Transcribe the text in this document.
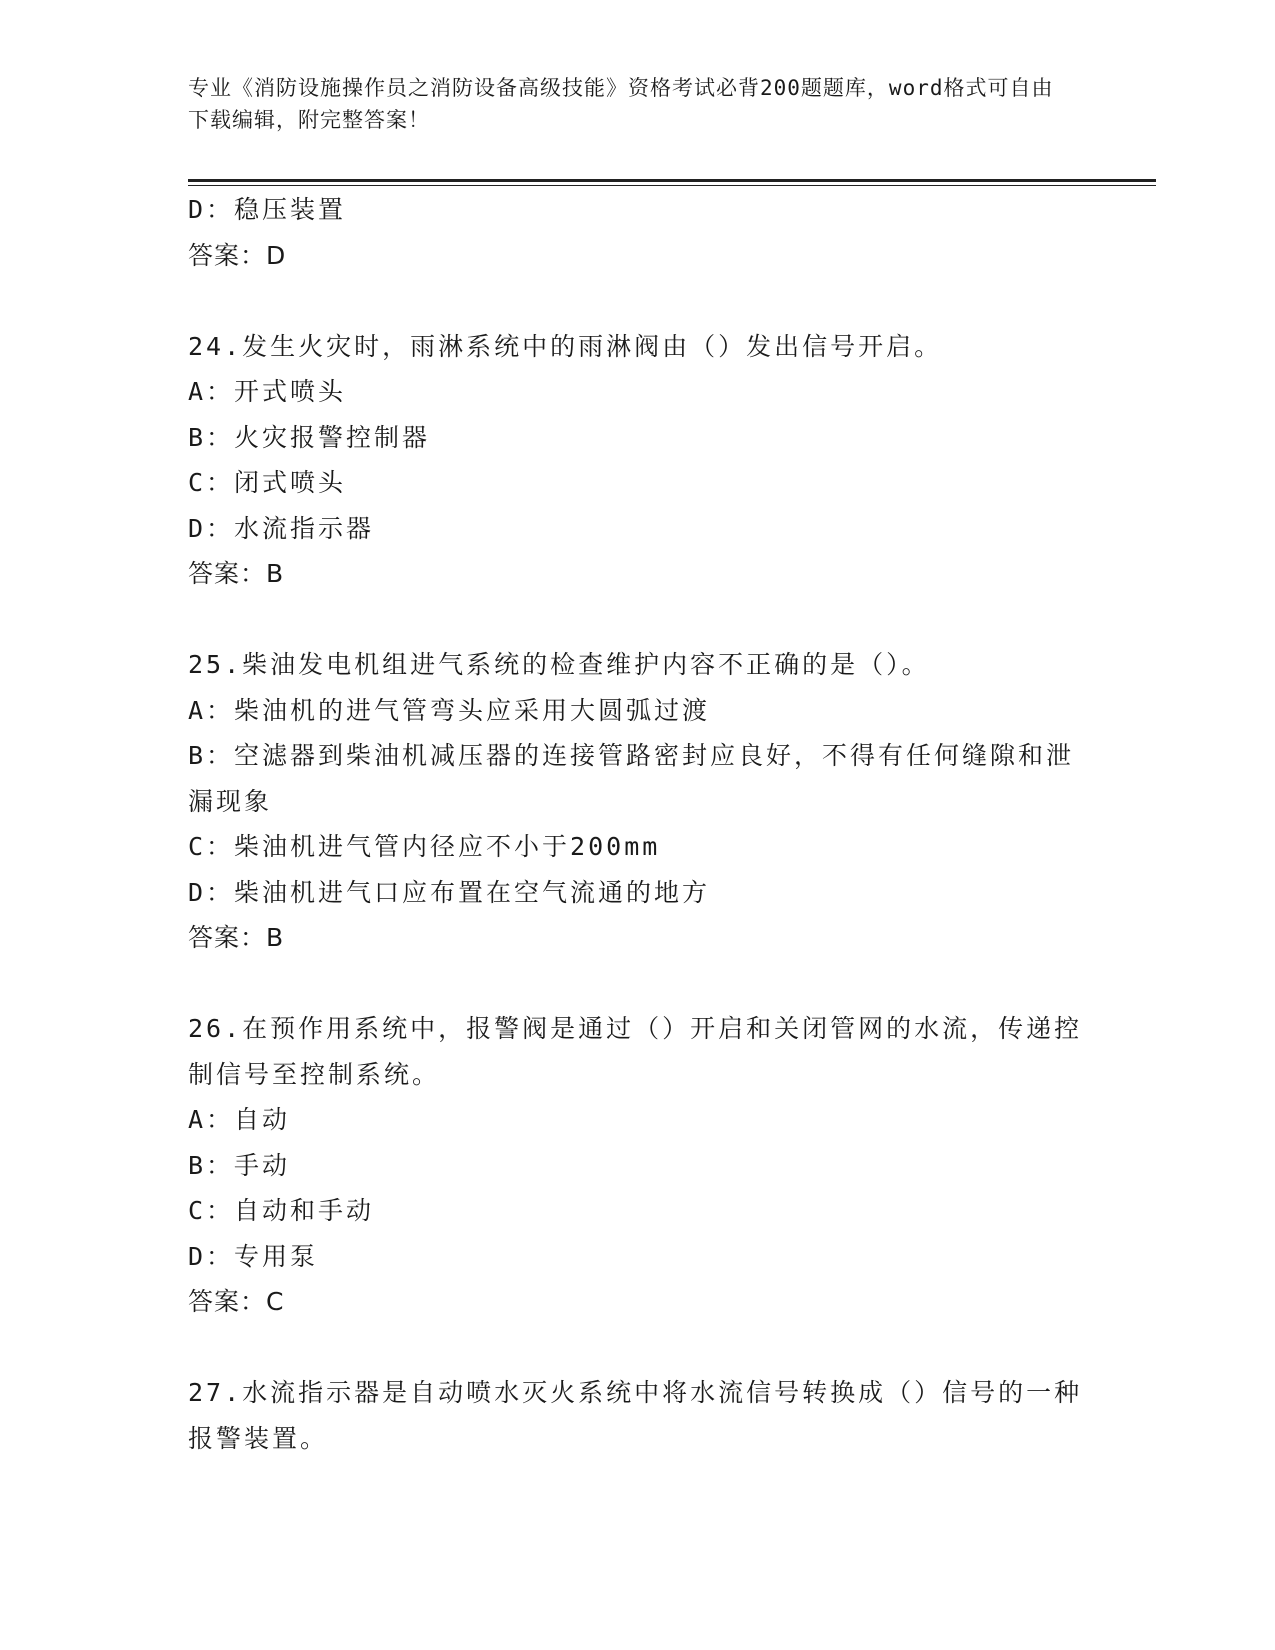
专业《消防设施操作员之消防设备高级技能》资格考试必背200题题库，word格式可自由下载编辑，附完整答案！

D：稳压装置

答案：D

24.发生火灾时，雨淋系统中的雨淋阀由（）发出信号开启。

A：开式喷头

B：火灾报警控制器

C：闭式喷头

D：水流指示器

答案：B

25.柴油发电机组进气系统的检查维护内容不正确的是（）。

A：柴油机的进气管弯头应采用大圆弧过渡

B：空滤器到柴油机减压器的连接管路密封应良好，不得有任何缝隙和泄漏现象

C：柴油机进气管内径应不小于200mm

D：柴油机进气口应布置在空气流通的地方

答案：B

26.在预作用系统中，报警阀是通过（）开启和关闭管网的水流，传递控制信号至控制系统。

A：自动

B：手动

C：自动和手动

D：专用泵

答案：C

27.水流指示器是自动喷水灭火系统中将水流信号转换成（）信号的一种报警装置。
